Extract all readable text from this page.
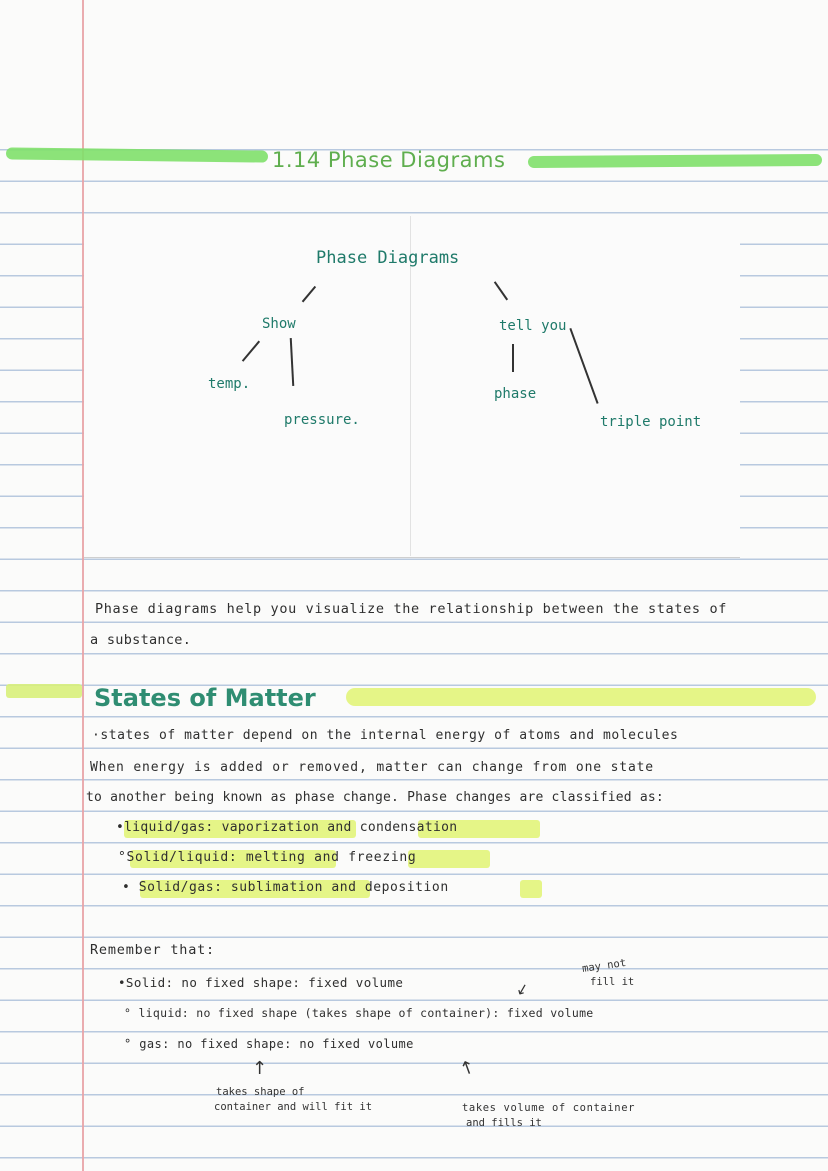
1.14 Phase Diagrams
Phase Diagrams
Show	tell you
temp.
pressure.
phase
triple point
Phase diagrams help you visualize the relationship between the states of
a substance.
States of Matter
·states of matter depend on the internal energy of atoms and molecules
When energy is added or removed, matter can change from one state
to another being known as phase change. Phase changes are classified as:
•liquid/gas: vaporization and condensation
°Solid/liquid: melting and freezing
• Solid/gas: sublimation and deposition
Remember that:
•Solid: no fixed shape: fixed volume
may not
fill it
↙
° liquid: no fixed shape (takes shape of container): fixed volume
° gas: no fixed shape: no fixed volume
↑	↑
takes shape of
container and will fit it	takes volume of container
and fills it
